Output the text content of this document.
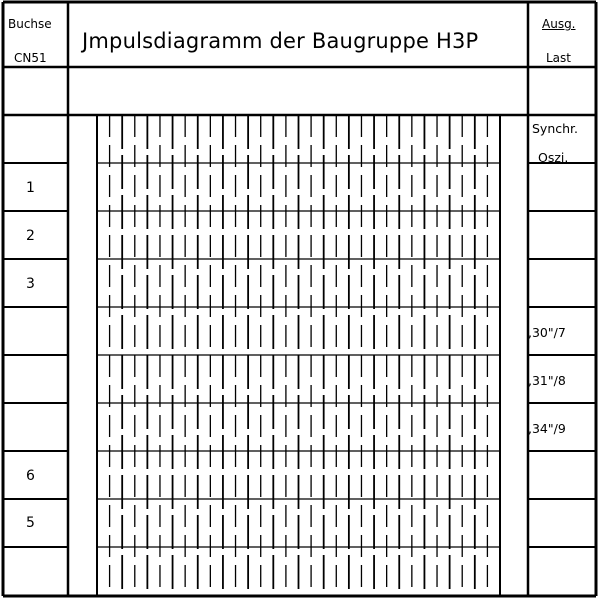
Buchse
CN51
Jmpulsdiagramm der Baugruppe H3P
Ausg.
Last
1
2
3
6
5
Synchr.
Oszi.
,30"/7
,31"/8
,34"/9
